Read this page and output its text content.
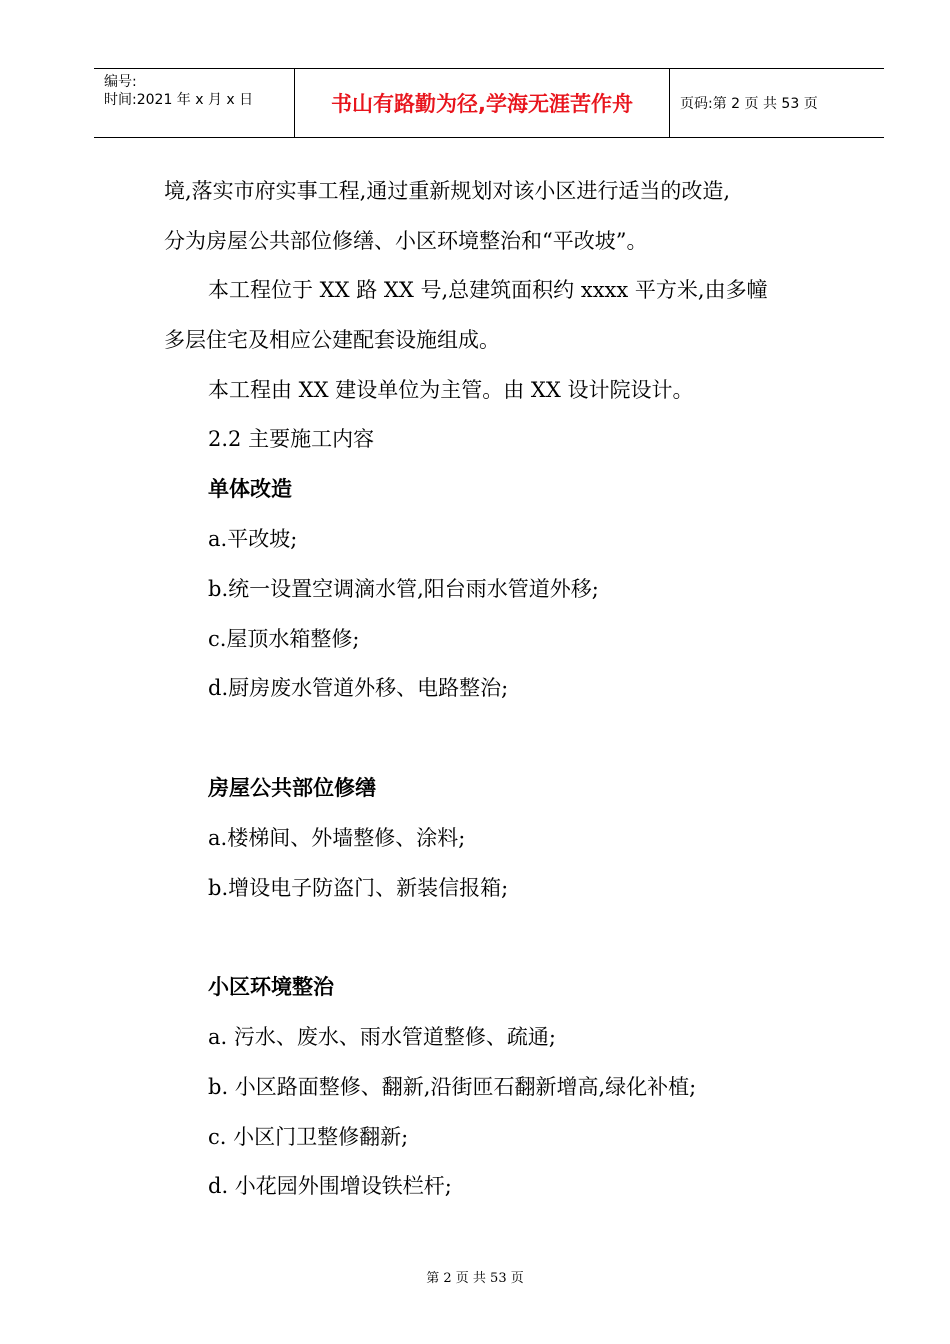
编号:
时间:2021 年 x 月 x 日	书山有路勤为径,学海无涯苦作舟	页码:第 2 页 共 53 页
境,落实市府实事工程,通过重新规划对该小区进行适当的改造,
分为房屋公共部位修缮、小区环境整治和“平改坡”。
本工程位于 XX 路 XX 号,总建筑面积约 xxxx 平方米,由多幢
多层住宅及相应公建配套设施组成。
本工程由 XX 建设单位为主管。由 XX 设计院设计。
2.2 主要施工内容
单体改造
a.平改坡;
b.统一设置空调滴水管,阳台雨水管道外移;
c.屋顶水箱整修;
d.厨房废水管道外移、电路整治;
房屋公共部位修缮
a.楼梯间、外墙整修、涂料;
b.增设电子防盗门、新装信报箱;
小区环境整治
a. 污水、废水、雨水管道整修、疏通;
b. 小区路面整修、翻新,沿街匝石翻新增高,绿化补植;
c. 小区门卫整修翻新;
d. 小花园外围增设铁栏杆;
第 2 页 共 53 页
